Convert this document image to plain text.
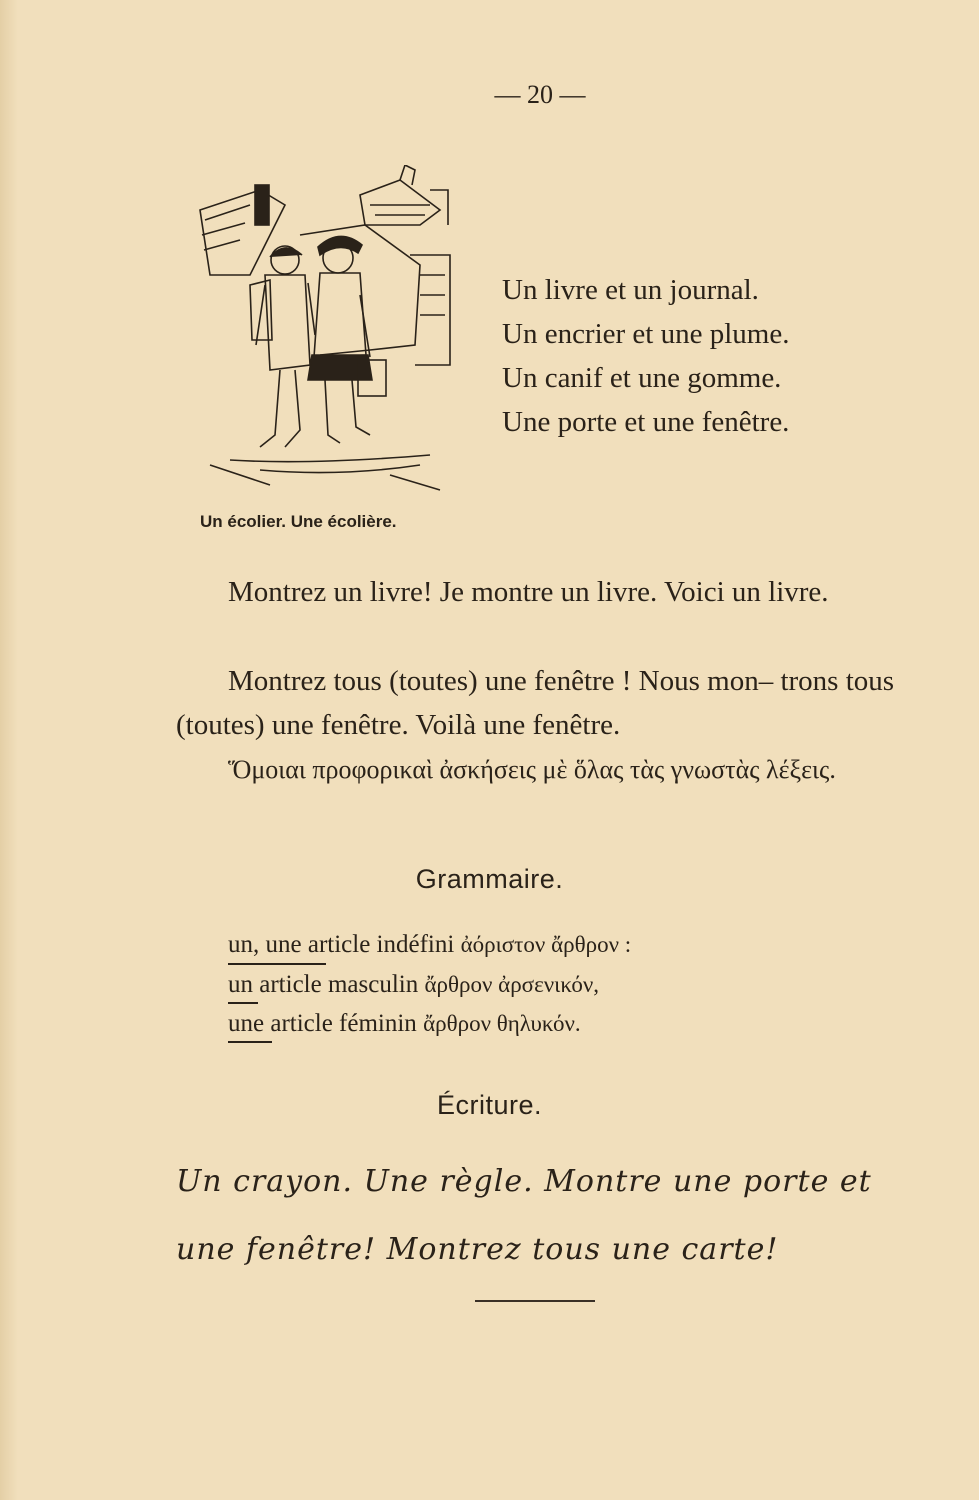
— 20 —
Un écolier. Une écolière.
Un livre et un journal.
Un encrier et une plume.
Un canif et une gomme.
Une porte et une fenêtre.
Montrez un livre! Je montre un livre. Voici un livre.
Montrez tous (toutes) une fenêtre ! Nous mon– trons tous (toutes) une fenêtre. Voilà une fenêtre.
Ὅμοιαι προφορικαὶ ἀσκήσεις μὲ ὅλας τὰς γνωστὰς λέξεις.
Grammaire.
un, une article indéfini ἀόριστον ἄρθρον :
un article masculin ἄρθρον ἀρσενικόν,
une article féminin ἄρθρον θηλυκόν.
Écriture.
Un crayon. Une règle. Montre une porte et une fenêtre! Montrez tous une carte!
